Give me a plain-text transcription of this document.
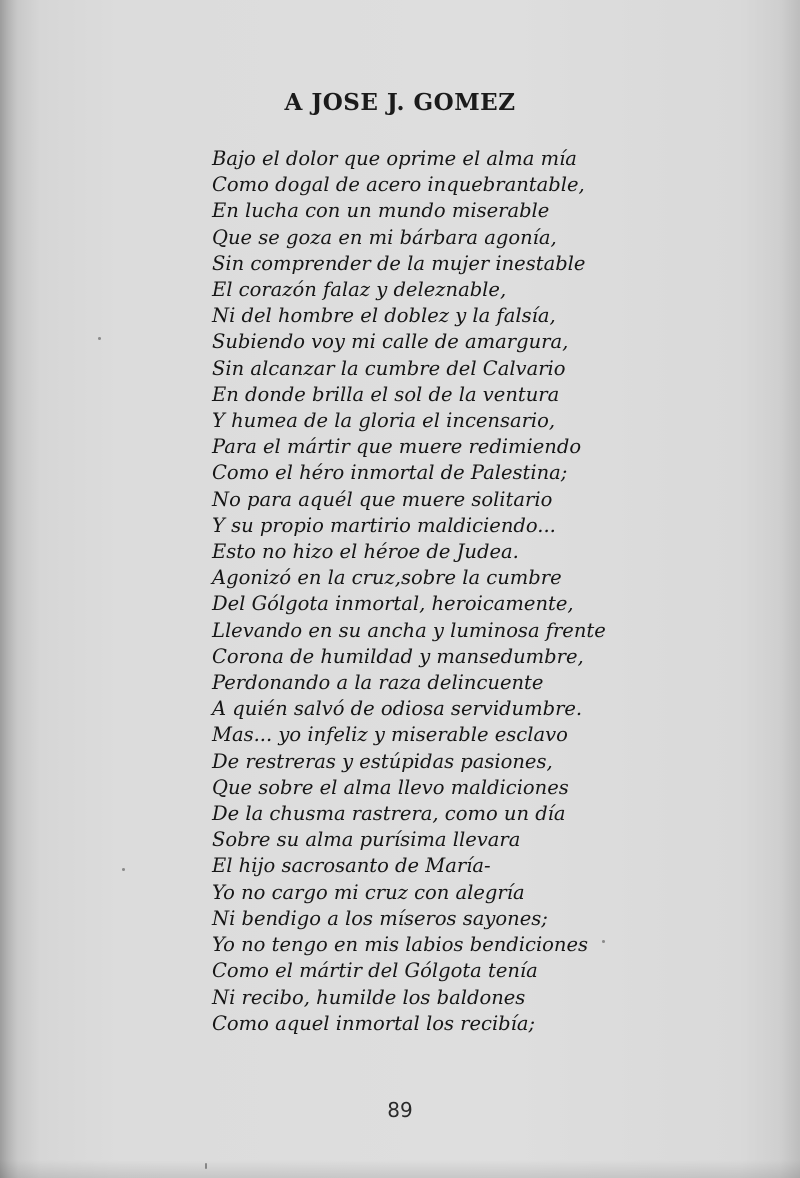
A JOSE J. GOMEZ
Bajo el dolor que oprime el alma mía
Como dogal de acero inquebrantable,
En lucha con un mundo miserable
Que se goza en mi bárbara agonía,
Sin comprender de la mujer inestable
El corazón falaz y deleznable,
Ni del hombre el doblez y la falsía,
Subiendo voy mi calle de amargura,
Sin alcanzar la cumbre del Calvario
En donde brilla el sol de la ventura
Y humea de la gloria el incensario,
Para el mártir que muere redimiendo
Como el héro inmortal de Palestina;
No para aquél que muere solitario
Y su propio martirio maldiciendo...
Esto no hizo el héroe de Judea.
Agonizó en la cruz,sobre la cumbre
Del Gólgota inmortal, heroicamente,
Llevando en su ancha y luminosa frente
Corona de humildad y mansedumbre,
Perdonando a la raza delincuente
A quién salvó de odiosa servidumbre.
Mas... yo infeliz y miserable esclavo
De restreras y estúpidas pasiones,
Que sobre el alma llevo maldiciones
De la chusma rastrera, como un día
Sobre su alma purísima llevara
El hijo sacrosanto de María-
Yo no cargo mi cruz con alegría
Ni bendigo a los míseros sayones;
Yo no tengo en mis labios bendiciones
Como el mártir del Gólgota tenía
Ni recibo, humilde los baldones
Como aquel inmortal los recibía;
89
